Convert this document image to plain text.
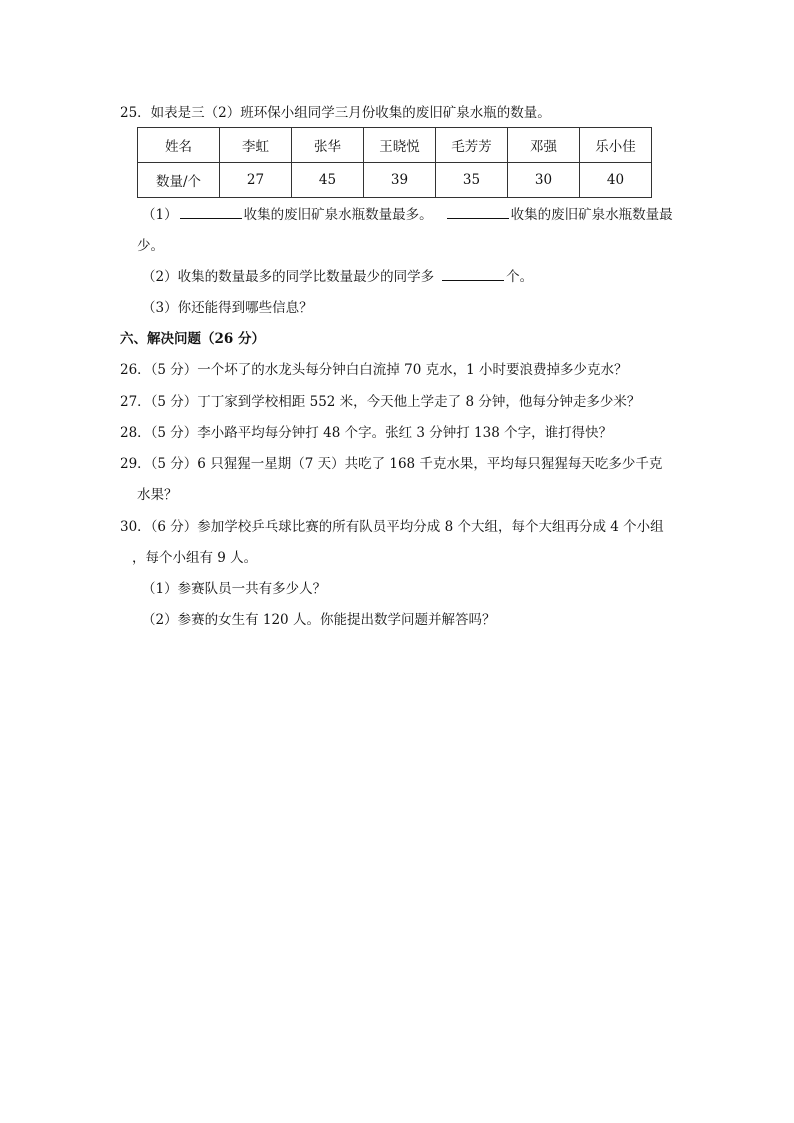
25．如表是三（2）班环保小组同学三月份收集的废旧矿泉水瓶的数量。
姓名	李虹	张华	王晓悦	毛芳芳	邓强	乐小佳
数量/个	27	45	39	35	30	40
（1）	收集的废旧矿泉水瓶数量最多。	收集的废旧矿泉水瓶数量最
少。
（2）收集的数量最多的同学比数量最少的同学多	个。
（3）你还能得到哪些信息？
六、解决问题（26 分）
26．（5 分）一个坏了的水龙头每分钟白白流掉 70 克水，1 小时要浪费掉多少克水？
27．（5 分）丁丁家到学校相距 552 米，今天他上学走了 8 分钟，他每分钟走多少米？
28．（5 分）李小路平均每分钟打 48 个字。张红 3 分钟打 138 个字，谁打得快？
29．（5 分）6 只猩猩一星期（7 天）共吃了 168 千克水果，平均每只猩猩每天吃多少千克
水果？
30．（6 分）参加学校乒乓球比赛的所有队员平均分成 8 个大组，每个大组再分成 4 个小组
，每个小组有 9 人。
（1）参赛队员一共有多少人？
（2）参赛的女生有 120 人。你能提出数学问题并解答吗？
